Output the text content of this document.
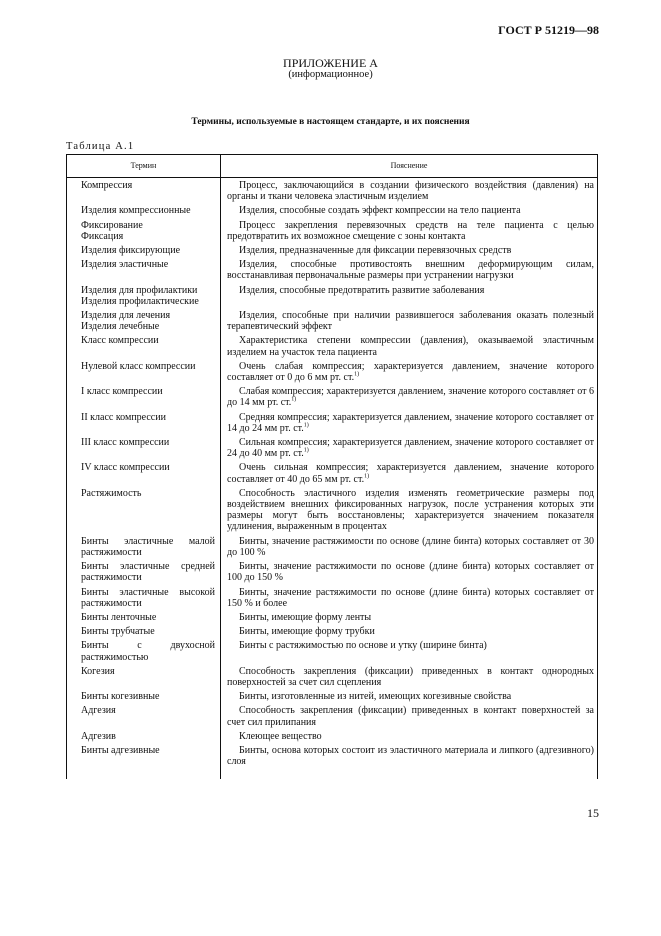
ГОСТ Р 51219—98
ПРИЛОЖЕНИЕ А
(информационное)
Термины, используемые в настоящем стандарте, и их пояснения
Таблица А.1
Термин	Пояснение

Компрессия	Процесс, заключающийся в создании физического воздействия (давления) на органы и ткани человека эластичным изделием

Изделия компрессионные	Изделия, способные создать эффект компрессии на тело пациента

Фиксирование
Фиксация	Процесс закрепления перевязочных средств на теле пациента с целью предотвратить их возможное смещение с зоны контакта

Изделия фиксирующие	Изделия, предназначенные для фиксации перевязочных средств

Изделия эластичные	Изделия, способные противостоять внешним деформирующим силам, восстанавливая первоначальные размеры при устранении нагрузки

Изделия для профилактики
Изделия профилактические	Изделия, способные предотвратить развитие заболевания

Изделия для лечения
Изделия лечебные	Изделия, способные при наличии развившегося заболевания оказать полезный терапевтический эффект

Класс компрессии	Характеристика степени компрессии (давления), оказываемой эластичным изделием на участок тела пациента

Нулевой класс компрессии	Очень слабая компрессия; характеризуется давлением, значение которого составляет от 0 до 6 мм рт. ст.$^{1)}$

I класс компрессии	Слабая компрессия; характеризуется давлением, значение которого составляет от 6 до 14 мм рт. ст.$^{1)}$

II класс компрессии	Средняя компрессия; характеризуется давлением, значение которого составляет от 14 до 24 мм рт. ст.$^{1)}$

III класс компрессии	Сильная компрессия; характеризуется давлением, значение которого составляет от 24 до 40 мм рт. ст.$^{1)}$

IV класс компрессии	Очень сильная компрессия; характеризуется давлением, значение которого составляет от 40 до 65 мм рт. ст.$^{1)}$

Растяжимость	Способность эластичного изделия изменять геометрические размеры под воздействием внешних фиксированных нагрузок, после устранения которых эти размеры могут быть восстановлены; характеризуется значением показателя удлинения, выраженным в процентах

Бинты эластичные малой растяжимости	Бинты, значение растяжимости по основе (длине бинта) которых составляет от 30 до 100 %

Бинты эластичные средней растяжимости	Бинты, значение растяжимости по основе (длине бинта) которых составляет от 100 до 150 %

Бинты эластичные высокой растяжимости	Бинты, значение растяжимости по основе (длине бинта) которых составляет от 150 % и более

Бинты ленточные	Бинты, имеющие форму ленты

Бинты трубчатые	Бинты, имеющие форму трубки

Бинты с двухосной растяжимостью	Бинты с растяжимостью по основе и утку (ширине бинта)

Когезия	Способность закрепления (фиксации) приведенных в контакт однородных поверхностей за счет сил сцепления

Бинты когезивные	Бинты, изготовленные из нитей, имеющих когезивные свойства

Адгезия	Способность закрепления (фиксации) приведенных в контакт поверхностей за счет сил прилипания

Адгезив	Клеющее вещество

Бинты адгезивные	Бинты, основа которых состоит из эластичного материала и липкого (адгезивного) слоя

15
